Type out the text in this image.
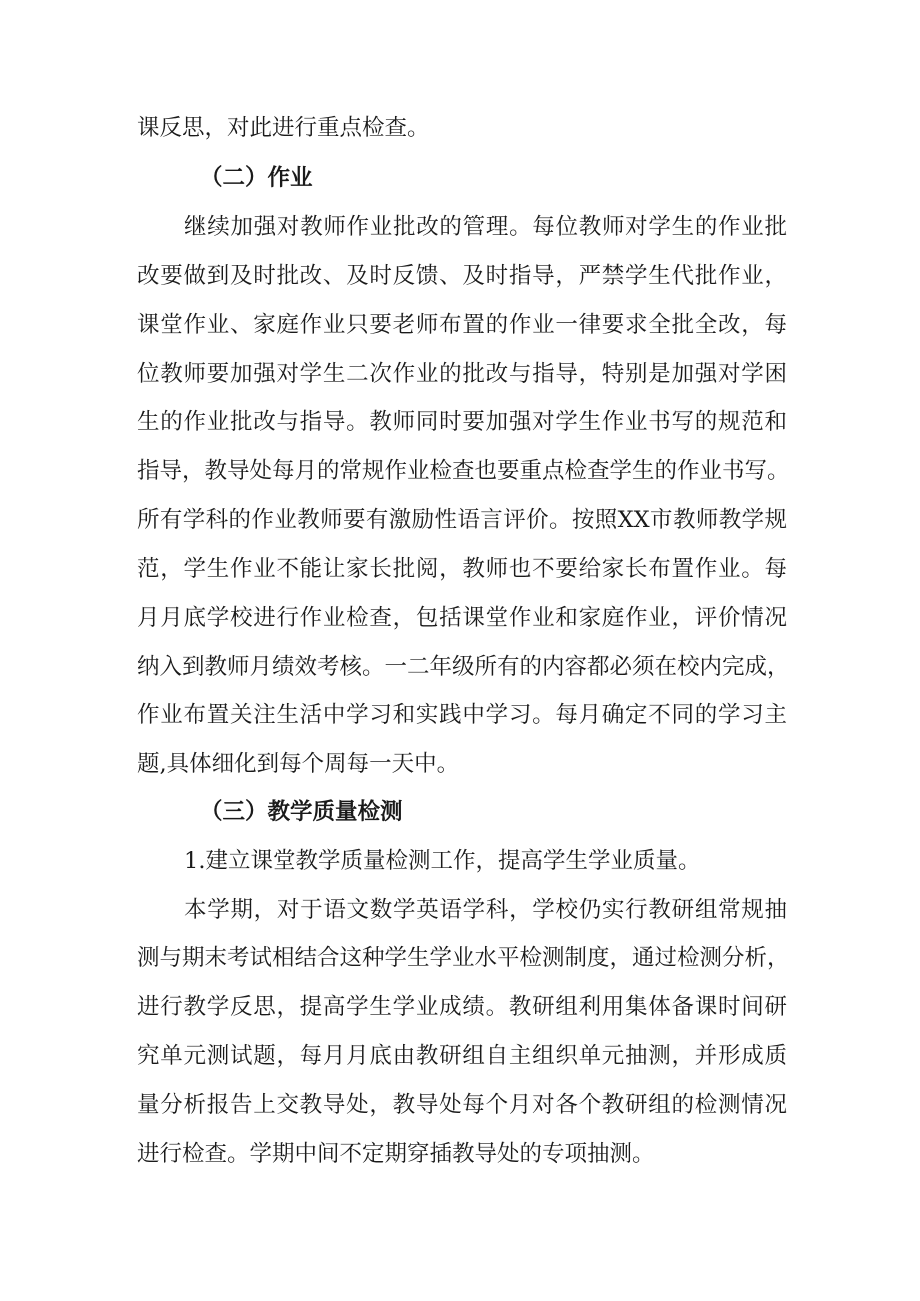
课反思，对此进行重点检查。
（二）作业
继续加强对教师作业批改的管理。每位教师对学生的作业批
改要做到及时批改、及时反馈、及时指导，严禁学生代批作业，
课堂作业、家庭作业只要老师布置的作业一律要求全批全改，每
位教师要加强对学生二次作业的批改与指导，特别是加强对学困
生的作业批改与指导。教师同时要加强对学生作业书写的规范和
指导，教导处每月的常规作业检查也要重点检查学生的作业书写。
所有学科的作业教师要有激励性语言评价。按照XX市教师教学规
范，学生作业不能让家长批阅，教师也不要给家长布置作业。每
月月底学校进行作业检查，包括课堂作业和家庭作业，评价情况
纳入到教师月绩效考核。一二年级所有的内容都必须在校内完成，
作业布置关注生活中学习和实践中学习。每月确定不同的学习主
题,具体细化到每个周每一天中。
（三）教学质量检测
1.建立课堂教学质量检测工作，提高学生学业质量。
本学期，对于语文数学英语学科，学校仍实行教研组常规抽
测与期末考试相结合这种学生学业水平检测制度，通过检测分析，
进行教学反思，提高学生学业成绩。教研组利用集体备课时间研
究单元测试题，每月月底由教研组自主组织单元抽测，并形成质
量分析报告上交教导处，教导处每个月对各个教研组的检测情况
进行检查。学期中间不定期穿插教导处的专项抽测。
